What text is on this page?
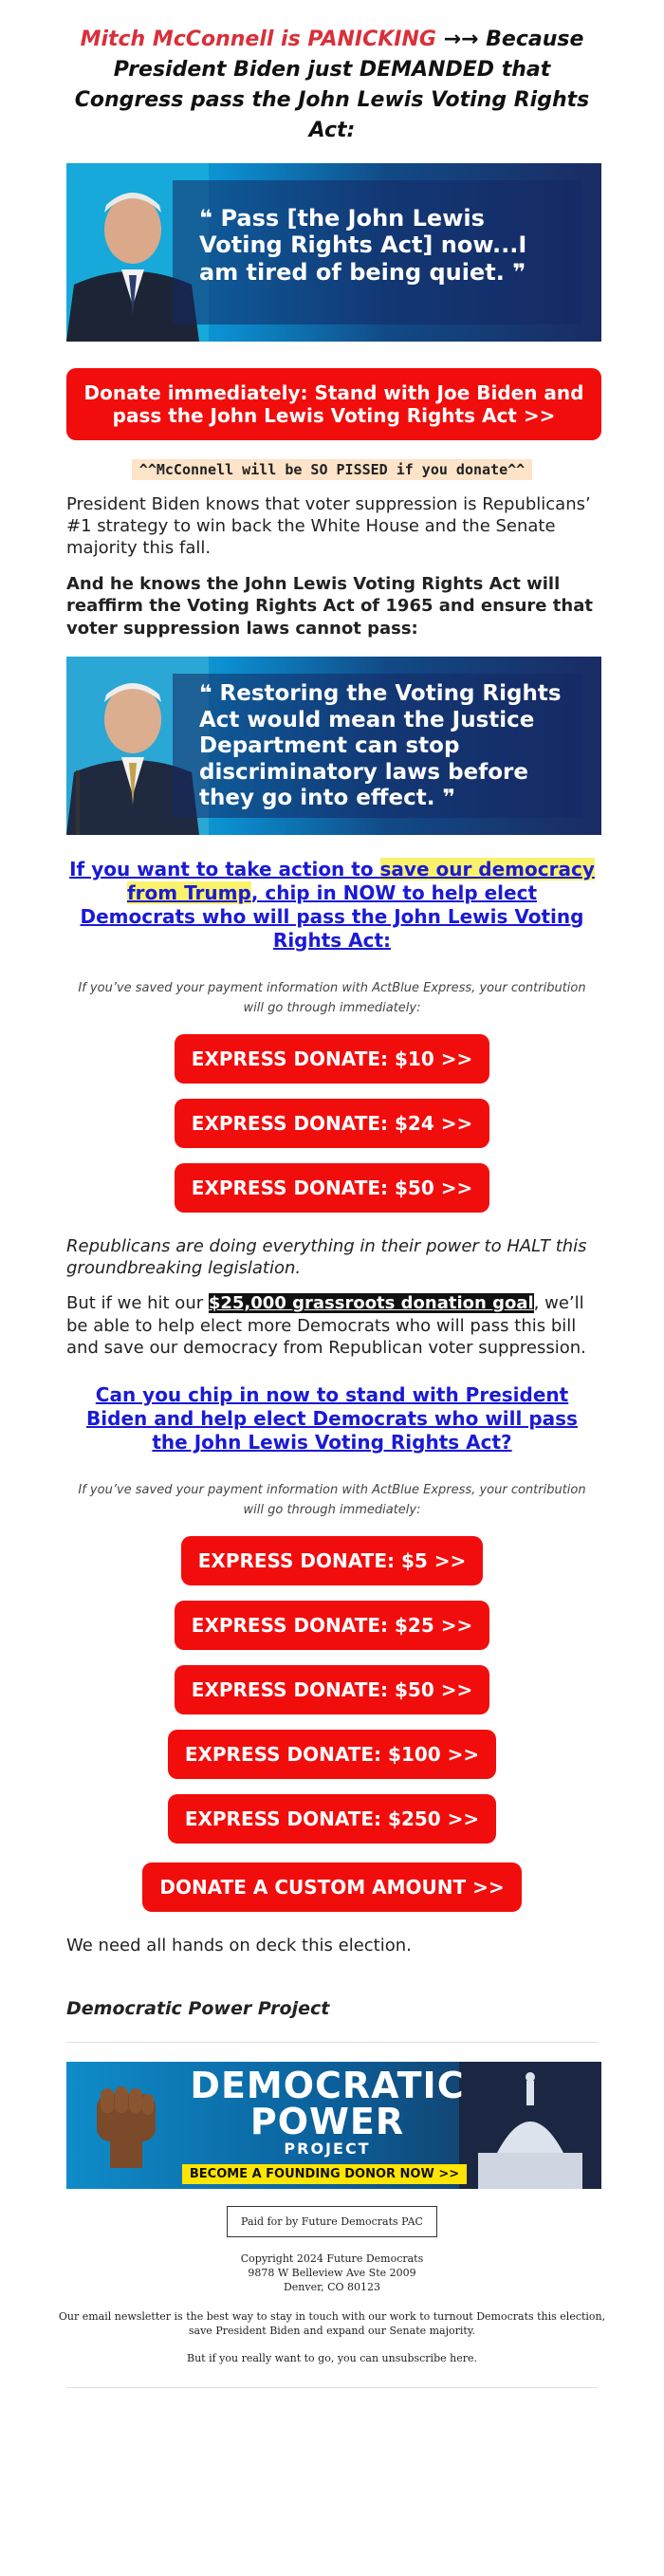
Mitch McConnell is PANICKING →→ Because President Biden just DEMANDED that Congress pass the John Lewis Voting Rights Act:

❝ Pass [the John Lewis Voting Rights Act] now...I am tired of being quiet. ❞
Donate immediately: Stand with Joe Biden and pass the John Lewis Voting Rights Act >>
^^McConnell will be SO PISSED if you donate^^

President Biden knows that voter suppression is Republicans’ #1 strategy to win back the White House and the Senate majority this fall.

And he knows the John Lewis Voting Rights Act will reaffirm the Voting Rights Act of 1965 and ensure that voter suppression laws cannot pass:

❝ Restoring the Voting Rights Act would mean the Justice Department can stop discriminatory laws before they go into effect. ❞

If you want to take action to save our democracy from Trump, chip in NOW to help elect Democrats who will pass the John Lewis Voting Rights Act:

If you’ve saved your payment information with ActBlue Express, your contribution will go through immediately:

EXPRESS DONATE: $10 >>
EXPRESS DONATE: $24 >>
EXPRESS DONATE: $50 >>

Republicans are doing everything in their power to HALT this groundbreaking legislation.

But if we hit our $25,000 grassroots donation goal, we’ll be able to help elect more Democrats who will pass this bill and save our democracy from Republican voter suppression.

Can you chip in now to stand with President Biden and help elect Democrats who will pass the John Lewis Voting Rights Act?

If you’ve saved your payment information with ActBlue Express, your contribution will go through immediately:

EXPRESS DONATE: $5 >>
EXPRESS DONATE: $25 >>
EXPRESS DONATE: $50 >>
EXPRESS DONATE: $100 >>
EXPRESS DONATE: $250 >>
DONATE A CUSTOM AMOUNT >>

We need all hands on deck this election.

Democratic Power Project

DEMOCRATIC
POWER
PROJECT
BECOME A FOUNDING DONOR NOW >>
Paid for by Future Democrats PAC
Copyright 2024 Future Democrats
9878 W Belleview Ave Ste 2009
Denver, CO 80123

Our email newsletter is the best way to stay in touch with our work to turnout Democrats this election, save President Biden and expand our Senate majority.

But if you really want to go, you can unsubscribe here.
